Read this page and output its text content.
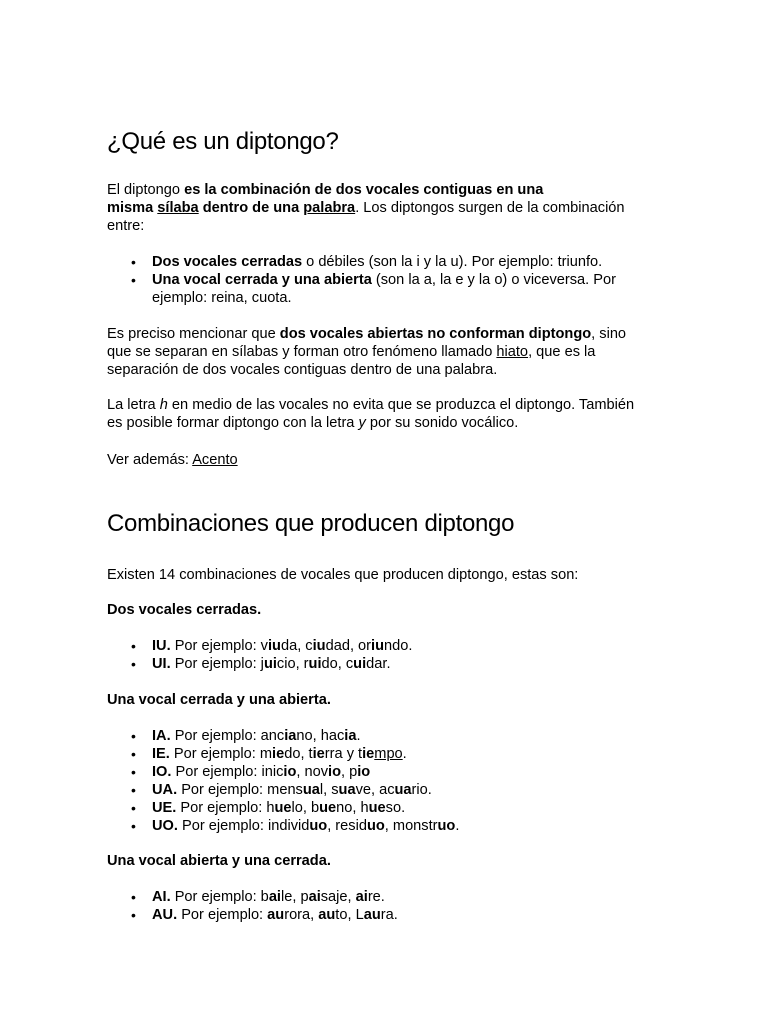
¿Qué es un diptongo?
El diptongo es la combinación de dos vocales contiguas en una
misma sílaba dentro de una palabra. Los diptongos surgen de la combinación
entre:
• Dos vocales cerradas o débiles (son la i y la u). Por ejemplo: triunfo.
• Una vocal cerrada y una abierta (son la a, la e y la o) o viceversa. Por
ejemplo: reina, cuota.
Es preciso mencionar que dos vocales abiertas no conforman diptongo, sino
que se separan en sílabas y forman otro fenómeno llamado hiato, que es la
separación de dos vocales contiguas dentro de una palabra.
La letra h en medio de las vocales no evita que se produzca el diptongo. También
es posible formar diptongo con la letra y por su sonido vocálico.
Ver además: Acento
Combinaciones que producen diptongo
Existen 14 combinaciones de vocales que producen diptongo, estas son:
Dos vocales cerradas.
• IU. Por ejemplo: viuda, ciudad, oriundo.
• UI. Por ejemplo: juicio, ruido, cuidar.
Una vocal cerrada y una abierta.
• IA. Por ejemplo: anciano, hacia.
• IE. Por ejemplo: miedo, tierra y tiempo.
• IO. Por ejemplo: inicio, novio, pio
• UA. Por ejemplo: mensual, suave, acuario.
• UE. Por ejemplo: huelo, bueno, hueso.
• UO. Por ejemplo: individuo, residuo, monstruo.
Una vocal abierta y una cerrada.
• AI. Por ejemplo: baile, paisaje, aire.
• AU. Por ejemplo: aurora, auto, Laura.
